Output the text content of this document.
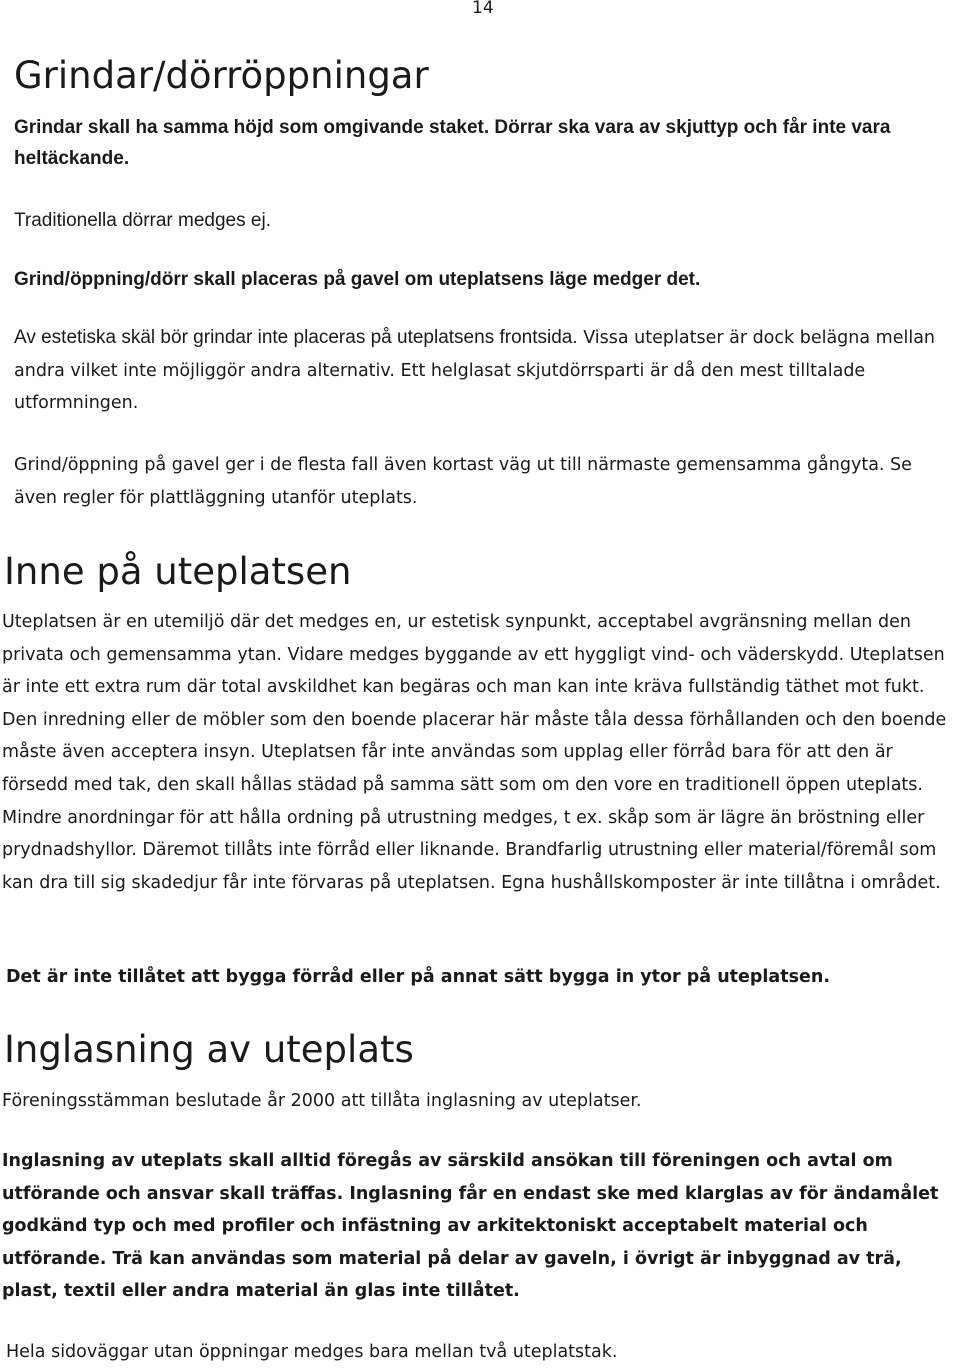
14
Grindar/dörröppningar

Grindar skall ha samma höjd som omgivande staket. Dörrar ska vara av skjuttyp och får inte vara heltäckande.

Traditionella dörrar medges ej.

Grind/öppning/dörr skall placeras på gavel om uteplatsens läge medger det.

Av estetiska skäl bör grindar inte placeras på uteplatsens frontsida. Vissa uteplatser är dock belägna mellan andra vilket inte möjliggör andra alternativ. Ett helglasat skjutdörrsparti är då den mest tilltalade utformningen.

Grind/öppning på gavel ger i de flesta fall även kortast väg ut till närmaste gemensamma gångyta. Se även regler för plattläggning utanför uteplats.

Inne på uteplatsen

Uteplatsen är en utemiljö där det medges en, ur estetisk synpunkt, acceptabel avgränsning mellan den privata och gemensamma ytan. Vidare medges byggande av ett hyggligt vind- och väderskydd. Uteplatsen är inte ett extra rum där total avskildhet kan begäras och man kan inte kräva fullständig täthet mot fukt. Den inredning eller de möbler som den boende placerar här måste tåla dessa förhållanden och den boende måste även acceptera insyn. Uteplatsen får inte användas som upplag eller förråd bara för att den är försedd med tak, den skall hållas städad på samma sätt som om den vore en traditionell öppen uteplats. Mindre anordningar för att hålla ordning på utrustning medges, t ex. skåp som är lägre än bröstning eller prydnadshyllor. Däremot tillåts inte förråd eller liknande. Brandfarlig utrustning eller material/föremål som kan dra till sig skadedjur får inte förvaras på uteplatsen. Egna hushållskomposter är inte tillåtna i området.

Det är inte tillåtet att bygga förråd eller på annat sätt bygga in ytor på uteplatsen.

Inglasning av uteplats

Föreningsstämman beslutade år 2000 att tillåta inglasning av uteplatser.

Inglasning av uteplats skall alltid föregås av särskild ansökan till föreningen och avtal om utförande och ansvar skall träffas. Inglasning får en endast ske med klarglas av för ändamålet godkänd typ och med profiler och infästning av arkitektoniskt acceptabelt material och utförande. Trä kan användas som material på delar av gaveln, i övrigt är inbyggnad av trä, plast, textil eller andra material än glas inte tillåtet.

Hela sidoväggar utan öppningar medges bara mellan två uteplatstak.
